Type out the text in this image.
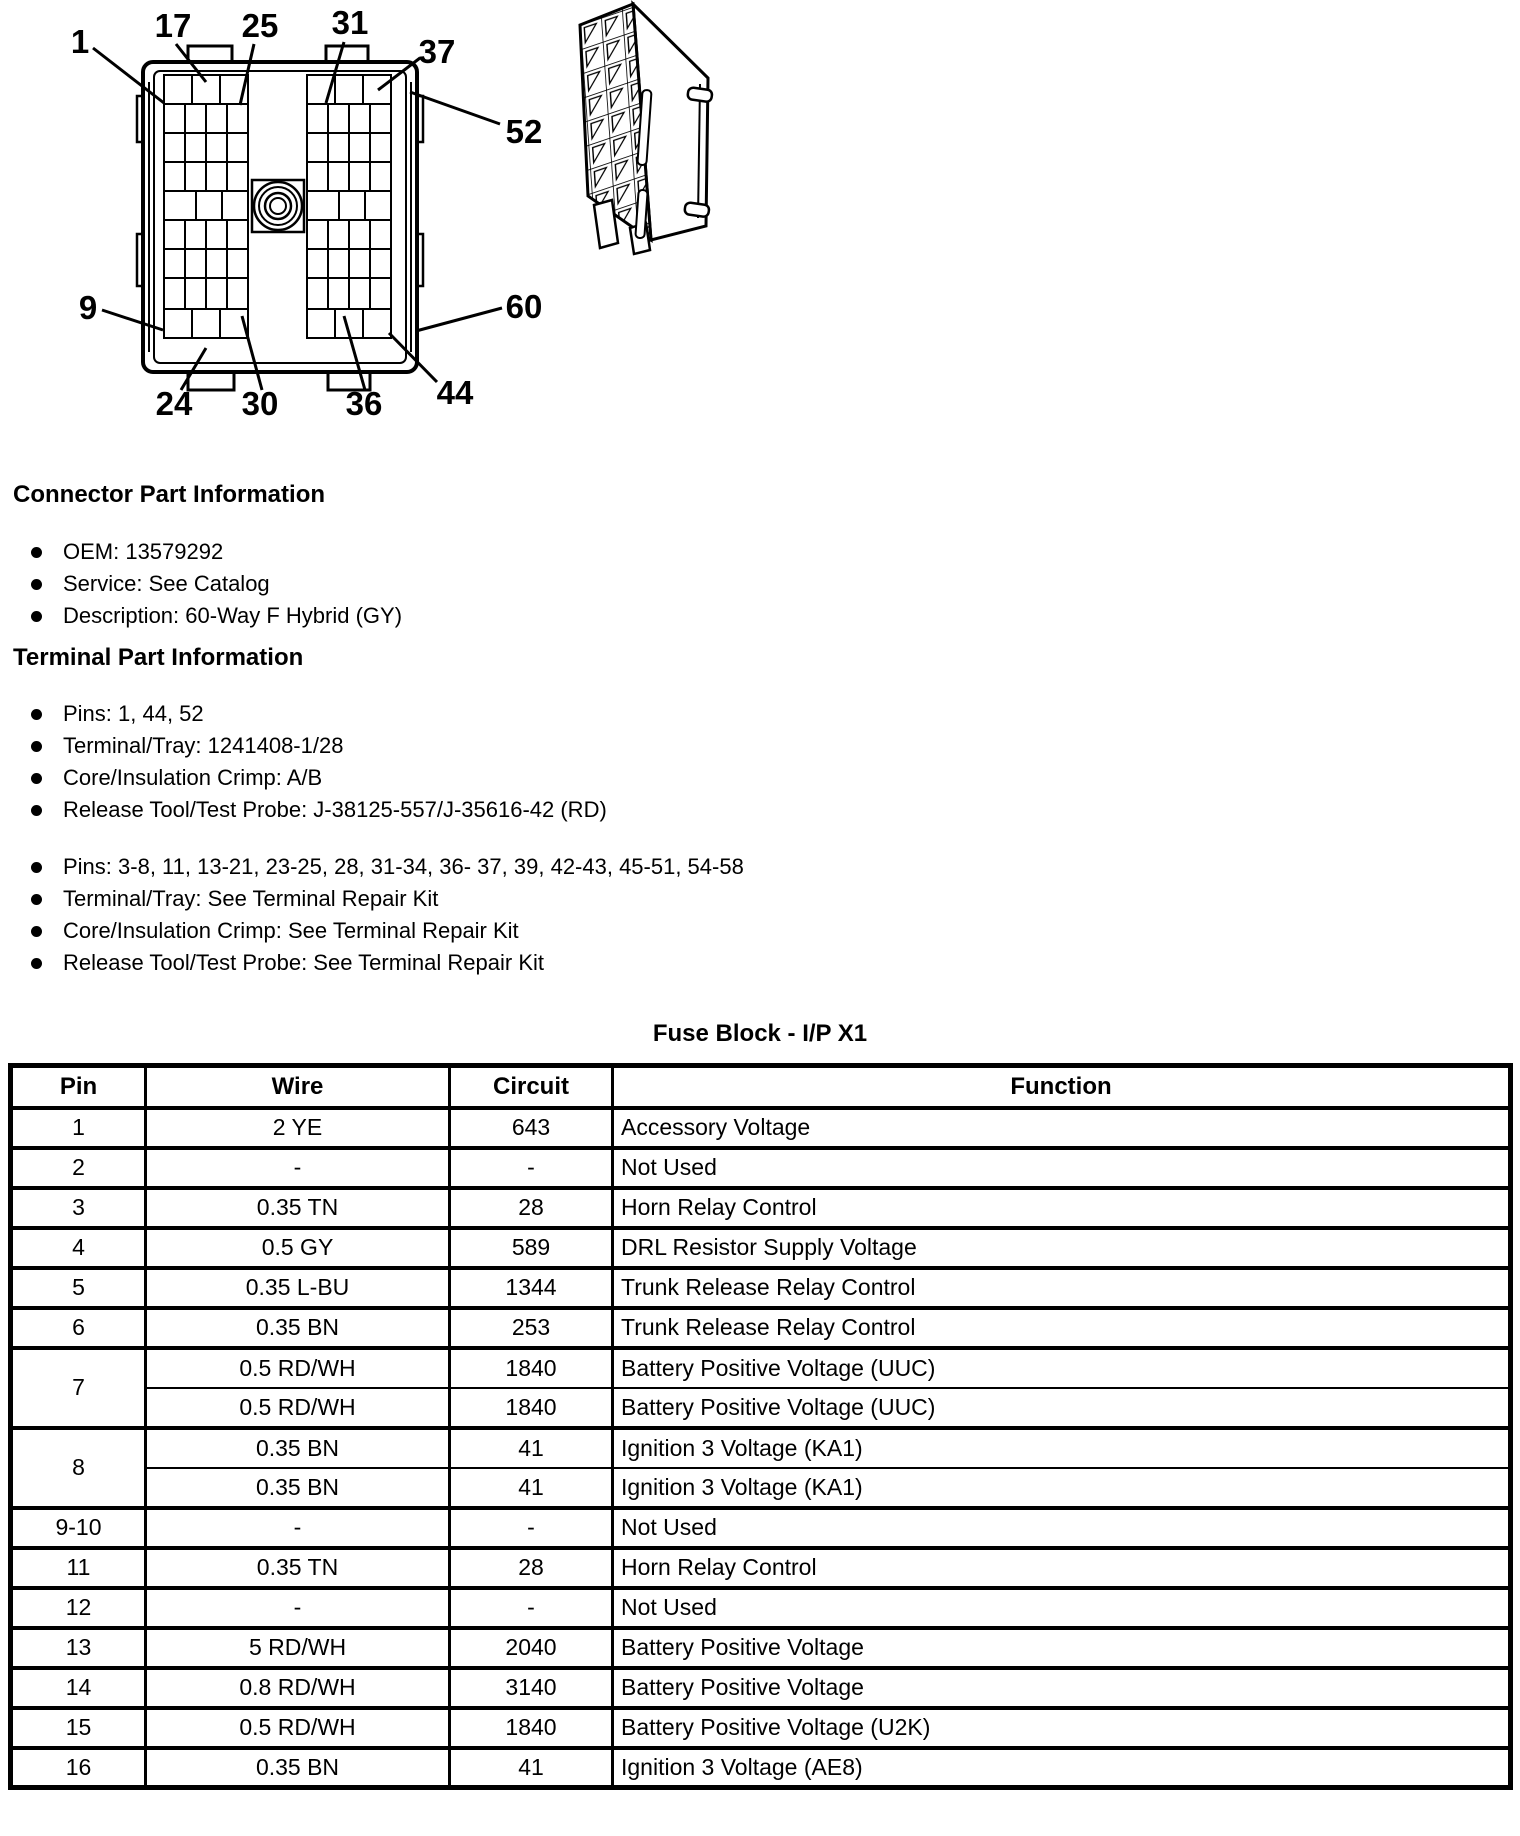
1 17 25 31
37
52
9	60
24 30 36 44
Connector Part Information
OEM: 13579292
Service: See Catalog
Description: 60-Way F Hybrid (GY)
Terminal Part Information
Pins: 1, 44, 52
Terminal/Tray: 1241408-1/28
Core/Insulation Crimp: A/B
Release Tool/Test Probe: J-38125-557/J-35616-42 (RD)
Pins: 3-8, 11, 13-21, 23-25, 28, 31-34, 36- 37, 39, 42-43, 45-51, 54-58
Terminal/Tray: See Terminal Repair Kit
Core/Insulation Crimp: See Terminal Repair Kit
Release Tool/Test Probe: See Terminal Repair Kit
Fuse Block - I/P X1
Pin	Wire	Circuit	Function
1	2 YE	643	Accessory Voltage
2	-	-	Not Used
3	0.35 TN	28	Horn Relay Control
4	0.5 GY	589	DRL Resistor Supply Voltage
5	0.35 L-BU	1344	Trunk Release Relay Control
6	0.35 BN	253	Trunk Release Relay Control
7	0.5 RD/WH	1840	Battery Positive Voltage (UUC)
	0.5 RD/WH	1840	Battery Positive Voltage (UUC)
8	0.35 BN	41	Ignition 3 Voltage (KA1)
	0.35 BN	41	Ignition 3 Voltage (KA1)
9-10	-	-	Not Used
11	0.35 TN	28	Horn Relay Control
12	-	-	Not Used
13	5 RD/WH	2040	Battery Positive Voltage
14	0.8 RD/WH	3140	Battery Positive Voltage
15	0.5 RD/WH	1840	Battery Positive Voltage (U2K)
16	0.35 BN	41	Ignition 3 Voltage (AE8)
